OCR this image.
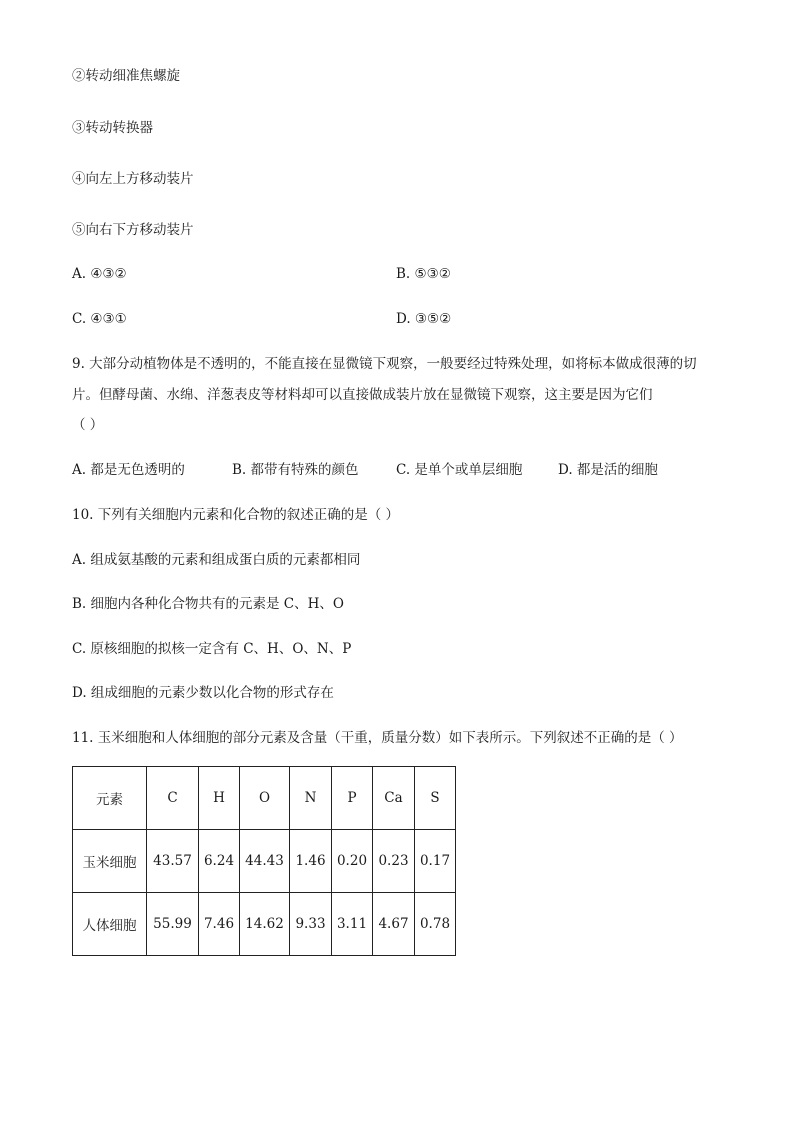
②转动细准焦螺旋
③转动转换器
④向左上方移动装片
⑤向右下方移动装片
A. ④③②	B. ⑤③②
C. ④③①	D. ③⑤②
9. 大部分动植物体是不透明的，不能直接在显微镜下观察，一般要经过特殊处理，如将标本做成很薄的切
片。但酵母菌、水绵、洋葱表皮等材料却可以直接做成装片放在显微镜下观察，这主要是因为它们
（ ）
A. 都是无色透明的	B. 都带有特殊的颜色	C. 是单个或单层细胞	D. 都是活的细胞
10. 下列有关细胞内元素和化合物的叙述正确的是（ ）
A. 组成氨基酸的元素和组成蛋白质的元素都相同
B. 细胞内各种化合物共有的元素是 C、H、O
C. 原核细胞的拟核一定含有 C、H、O、N、P
D. 组成细胞的元素少数以化合物的形式存在
11. 玉米细胞和人体细胞的部分元素及含量（干重，质量分数）如下表所示。下列叙述不正确的是（ ）
元素	C	H	O	N	P	Ca	S
玉米细胞	43.57	6.24	44.43	1.46	0.20	0.23	0.17
人体细胞	55.99	7.46	14.62	9.33	3.11	4.67	0.78
